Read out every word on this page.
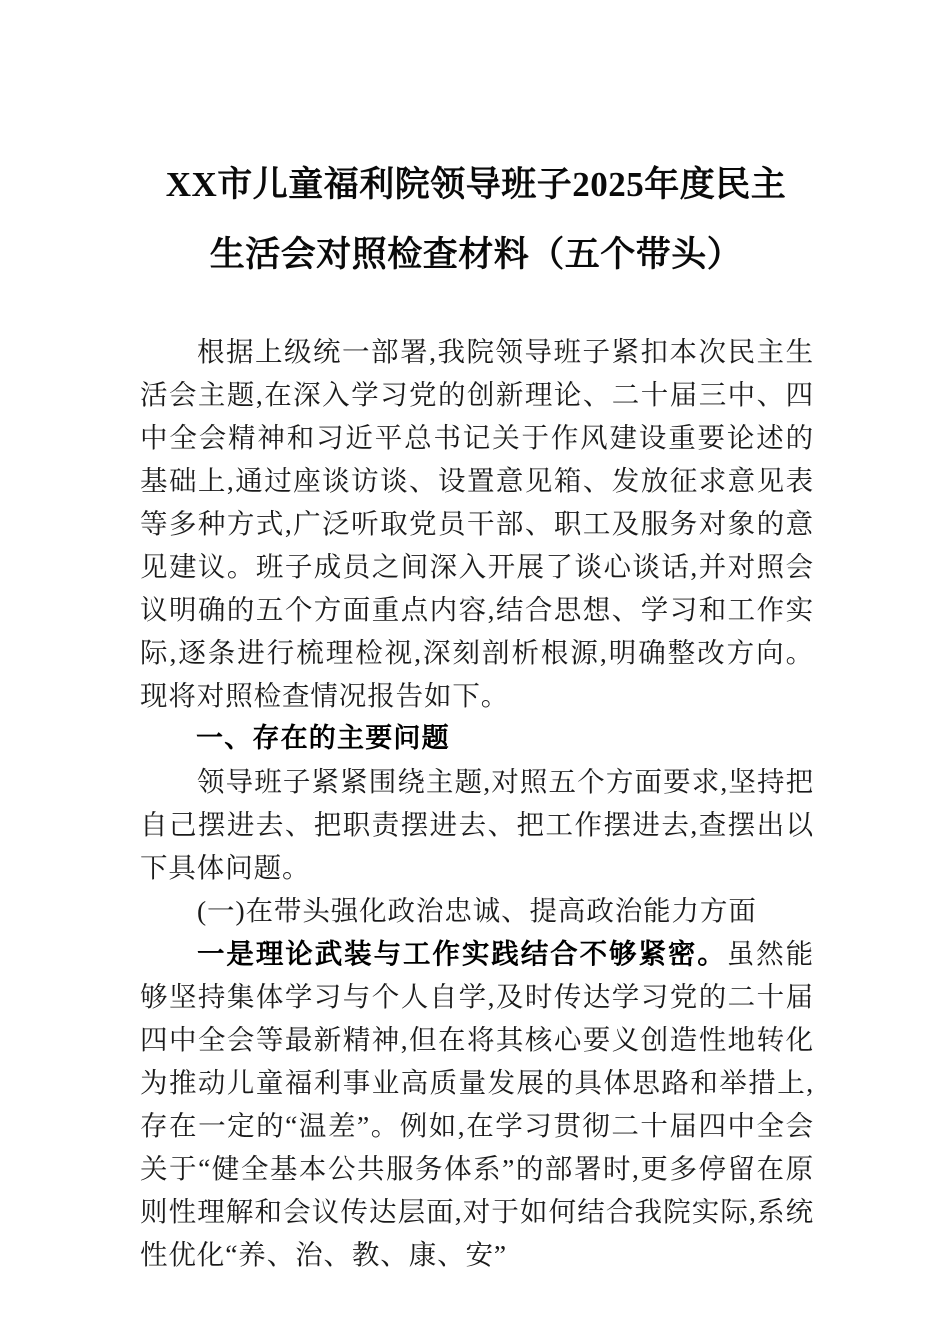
XX市儿童福利院领导班子2025年度民主
生活会对照检查材料（五个带头）

根据上级统一部署,我院领导班子紧扣本次民主生活会主题,在深入学习党的创新理论、二十届三中、四中全会精神和习近平总书记关于作风建设重要论述的基础上,通过座谈访谈、设置意见箱、发放征求意见表等多种方式,广泛听取党员干部、职工及服务对象的意见建议。班子成员之间深入开展了谈心谈话,并对照会议明确的五个方面重点内容,结合思想、学习和工作实际,逐条进行梳理检视,深刻剖析根源,明确整改方向。现将对照检查情况报告如下。

一、存在的主要问题

领导班子紧紧围绕主题,对照五个方面要求,坚持把自己摆进去、把职责摆进去、把工作摆进去,查摆出以下具体问题。

(一)在带头强化政治忠诚、提高政治能力方面

一是理论武装与工作实践结合不够紧密。虽然能够坚持集体学习与个人自学,及时传达学习党的二十届四中全会等最新精神,但在将其核心要义创造性地转化为推动儿童福利事业高质量发展的具体思路和举措上,存在一定的“温差”。例如,在学习贯彻二十届四中全会关于“健全基本公共服务体系”的部署时,更多停留在原则性理解和会议传达层面,对于如何结合我院实际,系统性优化“养、治、教、康、安”
